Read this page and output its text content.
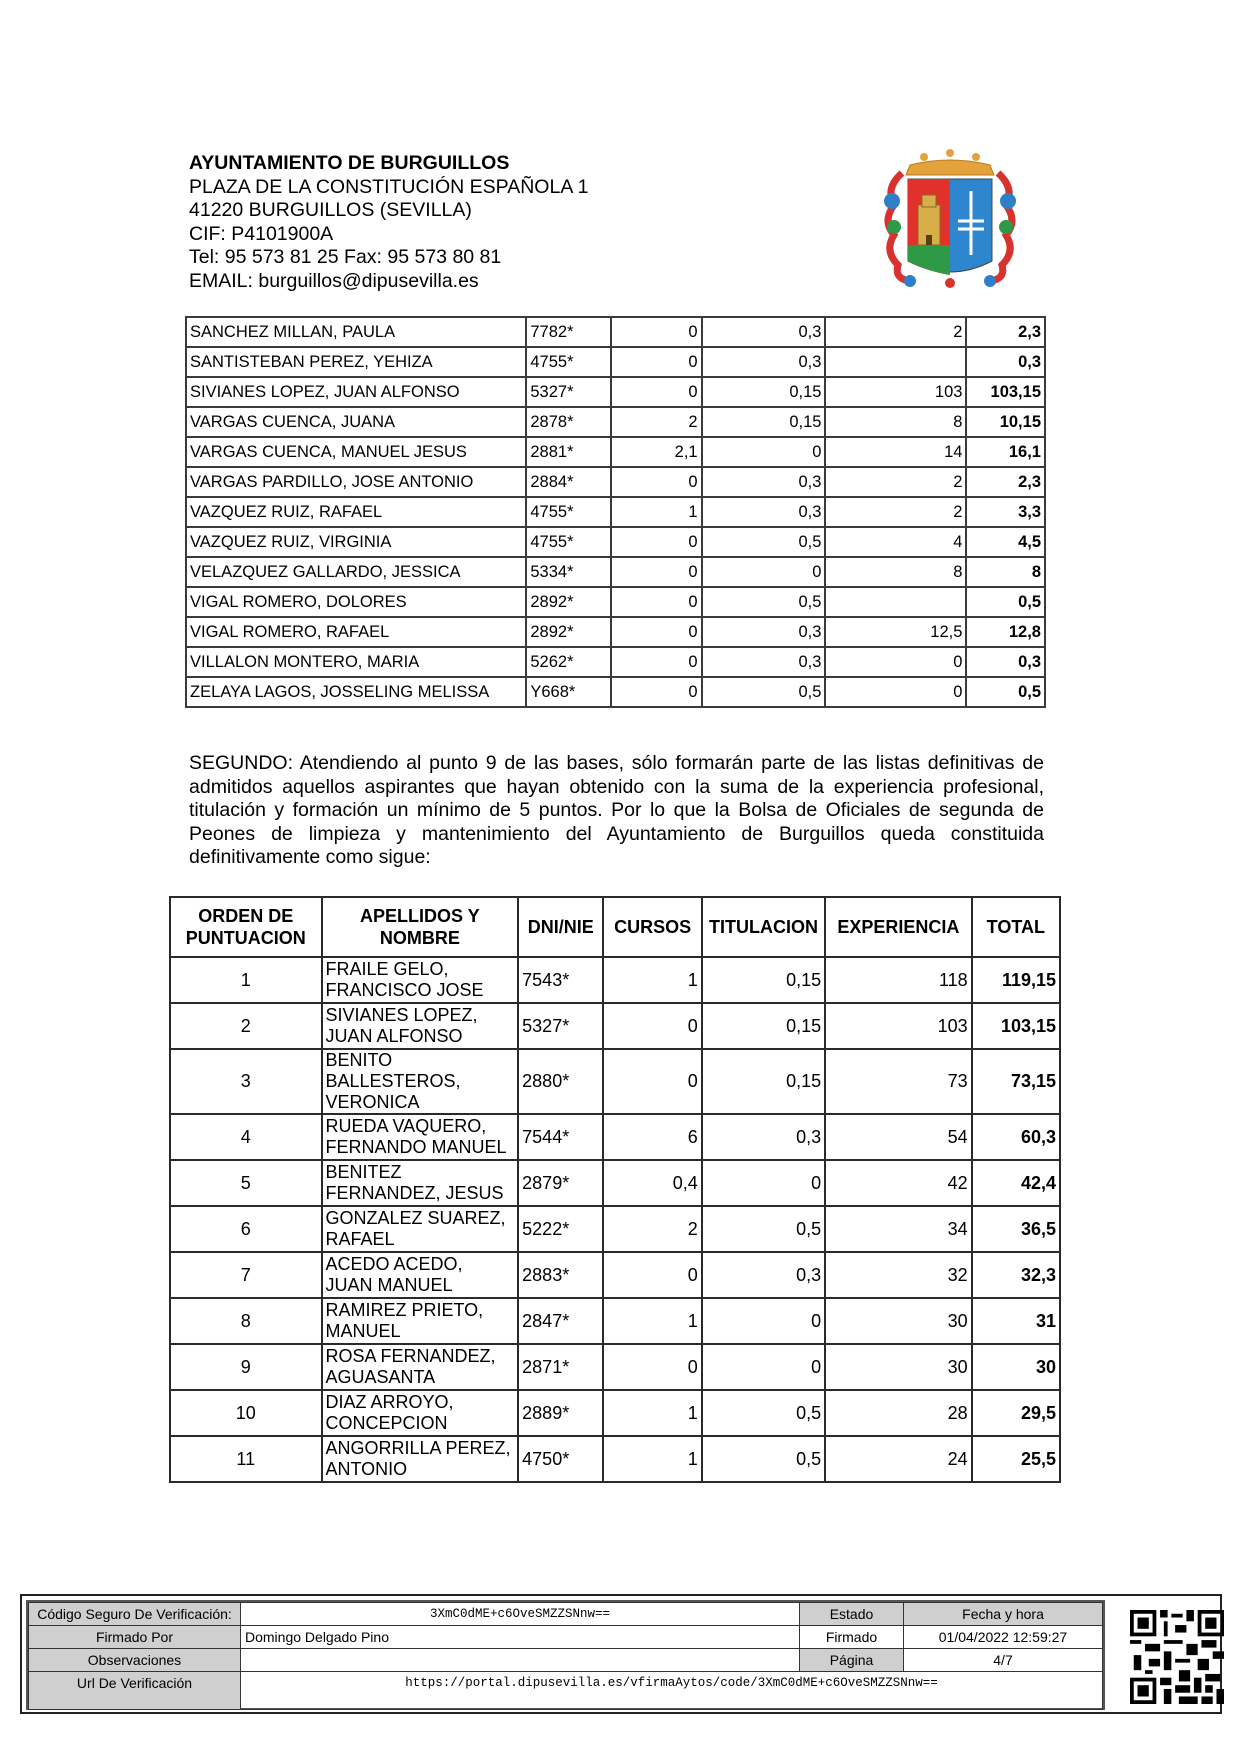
AYUNTAMIENTO DE BURGUILLOS
PLAZA DE LA CONSTITUCIÓN ESPAÑOLA 1
41220 BURGUILLOS (SEVILLA)
CIF: P4101900A
Tel: 95 573 81 25 Fax: 95 573 80 81
EMAIL: burguillos@dipusevilla.es
SANCHEZ MILLAN, PAULA	7782*	0	0,3	2	2,3
SANTISTEBAN PEREZ, YEHIZA	4755*	0	0,3		0,3
SIVIANES LOPEZ, JUAN ALFONSO	5327*	0	0,15	103	103,15
VARGAS CUENCA, JUANA	2878*	2	0,15	8	10,15
VARGAS CUENCA, MANUEL JESUS	2881*	2,1	0	14	16,1
VARGAS PARDILLO, JOSE ANTONIO	2884*	0	0,3	2	2,3
VAZQUEZ RUIZ, RAFAEL	4755*	1	0,3	2	3,3
VAZQUEZ RUIZ, VIRGINIA	4755*	0	0,5	4	4,5
VELAZQUEZ GALLARDO, JESSICA	5334*	0	0	8	8
VIGAL ROMERO, DOLORES	2892*	0	0,5		0,5
VIGAL ROMERO, RAFAEL	2892*	0	0,3	12,5	12,8
VILLALON MONTERO, MARIA	5262*	0	0,3	0	0,3
ZELAYA LAGOS, JOSSELING MELISSA	Y668*	0	0,5	0	0,5
SEGUNDO: Atendiendo al punto 9 de las bases, sólo formarán parte de las listas definitivas de admitidos aquellos aspirantes que hayan obtenido con la suma de la experiencia profesional, titulación y formación un mínimo de 5 puntos. Por lo que la Bolsa de Oficiales de segunda de Peones de limpieza y mantenimiento del Ayuntamiento de Burguillos queda constituida definitivamente como sigue:
ORDEN DE PUNTUACION	APELLIDOS Y NOMBRE	DNI/NIE	CURSOS	TITULACION	EXPERIENCIA	TOTAL
1	FRAILE GELO, FRANCISCO JOSE	7543*	1	0,15	118	119,15
2	SIVIANES LOPEZ, JUAN ALFONSO	5327*	0	0,15	103	103,15
3	BENITO BALLESTEROS, VERONICA	2880*	0	0,15	73	73,15
4	RUEDA VAQUERO, FERNANDO MANUEL	7544*	6	0,3	54	60,3
5	BENITEZ FERNANDEZ, JESUS	2879*	0,4	0	42	42,4
6	GONZALEZ SUAREZ, RAFAEL	5222*	2	0,5	34	36,5
7	ACEDO ACEDO, JUAN MANUEL	2883*	0	0,3	32	32,3
8	RAMIREZ PRIETO, MANUEL	2847*	1	0	30	31
9	ROSA FERNANDEZ, AGUASANTA	2871*	0	0	30	30
10	DIAZ ARROYO, CONCEPCION	2889*	1	0,5	28	29,5
11	ANGORRILLA PEREZ, ANTONIO	4750*	1	0,5	24	25,5
Código Seguro De Verificación:	3XmC0dME+c6OveSMZZSNnw==	Estado	Fecha y hora
Firmado Por	Domingo Delgado Pino	Firmado	01/04/2022 12:59:27
Observaciones		Página	4/7
Url De Verificación	https://portal.dipusevilla.es/vfirmaAytos/code/3XmC0dME+c6OveSMZZSNnw==		
